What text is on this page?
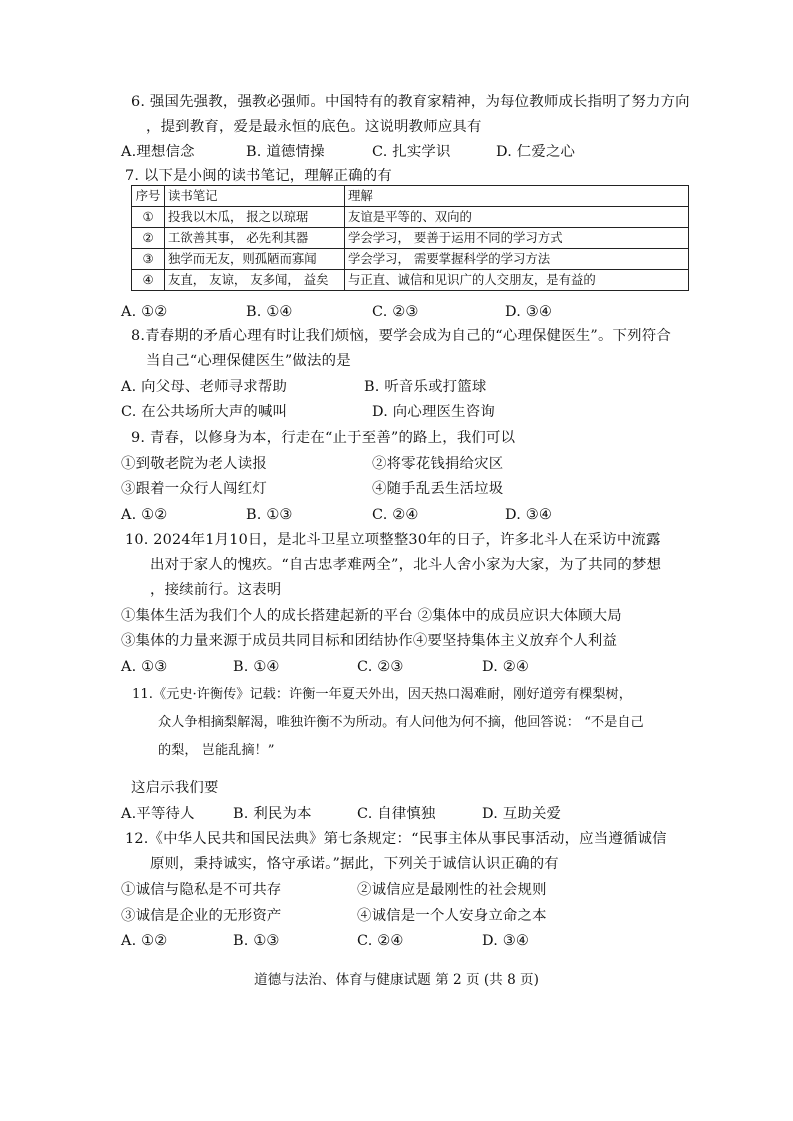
6. 强国先强教，强教必强师。中国特有的教育家精神，为每位教师成长指明了努力方向
，提到教育，爱是最永恒的底色。这说明教师应具有
A.理想信念	B. 道德情操	C. 扎实学识	D. 仁爱之心
7. 以下是小闽的读书笔记，理解正确的有
序号	读书笔记	理解
①	投我以木瓜， 报之以琼琚	友谊是平等的、双向的
②	工欲善其事， 必先利其器	学会学习， 要善于运用不同的学习方式
③	独学而无友，则孤陋而寡闻	学会学习， 需要掌握科学的学习方法
④	友直， 友谅， 友多闻， 益矣	与正直、诚信和见识广的人交朋友，是有益的
A. ①②	B. ①④	C. ②③	D. ③④
8.青春期的矛盾心理有时让我们烦恼，要学会成为自己的“心理保健医生”。下列符合
当自己“心理保健医生”做法的是
A. 向父母、老师寻求帮助	B. 听音乐或打篮球
C. 在公共场所大声的喊叫	D. 向心理医生咨询
9. 青春，以修身为本，行走在“止于至善”的路上，我们可以
①到敬老院为老人读报	②将零花钱捐给灾区
③跟着一众行人闯红灯	④随手乱丢生活垃圾
A. ①②	B. ①③	C. ②④	D. ③④
10. 2024年1月10日，是北斗卫星立项整整30年的日子，许多北斗人在采访中流露
出对于家人的愧疚。“自古忠孝难两全”，北斗人舍小家为大家，为了共同的梦想
，接续前行。这表明
①集体生活为我们个人的成长搭建起新的平台 ②集体中的成员应识大体顾大局
③集体的力量来源于成员共同目标和团结协作④要坚持集体主义放弃个人利益
A. ①③	B. ①④	C. ②③	D. ②④
11.《元史·许衡传》记载：许衡一年夏天外出，因天热口渴难耐，刚好道旁有棵梨树，
众人争相摘梨解渴，唯独许衡不为所动。有人问他为何不摘，他回答说： “不是自己
的梨， 岂能乱摘！”
这启示我们要
A.平等待人	B. 利民为本	C. 自律慎独	D. 互助关爱
12.《中华人民共和国民法典》第七条规定：“民事主体从事民事活动，应当遵循诚信
原则，秉持诚实，恪守承诺。”据此，下列关于诚信认识正确的有
①诚信与隐私是不可共存	②诚信应是最刚性的社会规则
③诚信是企业的无形资产	④诚信是一个人安身立命之本
A. ①②	B. ①③	C. ②④	D. ③④
道德与法治、体育与健康试题 第 2 页 (共 8 页)
